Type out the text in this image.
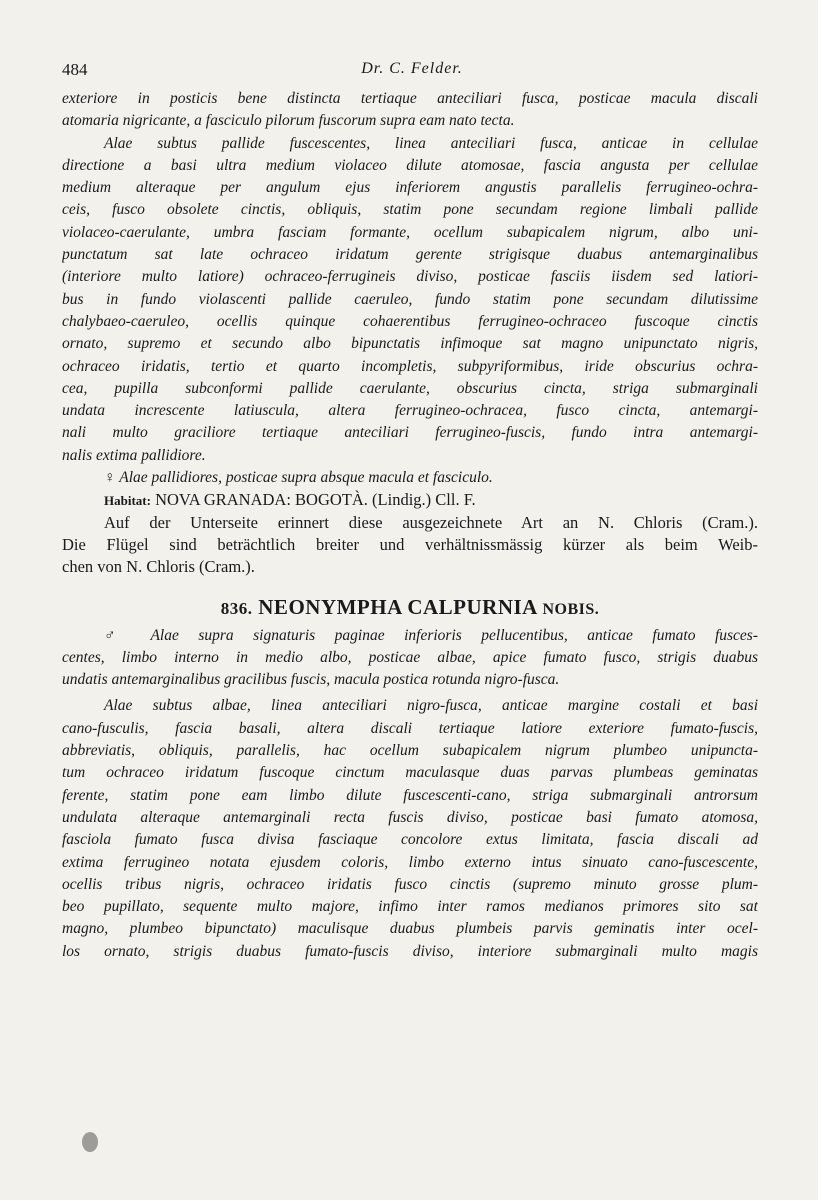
484	Dr. C. Felder.
exteriore in posticis bene distincta tertiaque anteciliari fusca, posticae macula discali
atomaria nigricante, a fasciculo pilorum fuscorum supra eam nato tecta.
Alae subtus pallide fuscescentes, linea anteciliari fusca, anticae in cellulae
directione a basi ultra medium violaceo dilute atomosae, fascia angusta per cellulae
medium alteraque per angulum ejus inferiorem angustis parallelis ferrugineo-ochra-
ceis, fusco obsolete cinctis, obliquis, statim pone secundam regione limbali pallide
violaceo-caerulante, umbra fasciam formante, ocellum subapicalem nigrum, albo uni-
punctatum sat late ochraceo iridatum gerente strigisque duabus antemarginalibus
(interiore multo latiore) ochraceo-ferrugineis diviso, posticae fasciis iisdem sed latiori-
bus in fundo violascenti pallide caeruleo, fundo statim pone secundam dilutissime
chalybaeo-caeruleo, ocellis quinque cohaerentibus ferrugineo-ochraceo fuscoque cinctis
ornato, supremo et secundo albo bipunctatis infimoque sat magno unipunctato nigris,
ochraceo iridatis, tertio et quarto incompletis, subpyriformibus, iride obscurius ochra-
cea, pupilla subconformi pallide caerulante, obscurius cincta, striga submarginali
undata increscente latiuscula, altera ferrugineo-ochracea, fusco cincta, antemargi-
nali multo graciliore tertiaque anteciliari ferrugineo-fuscis, fundo intra antemargi-
nalis extima pallidiore.
♀ Alae pallidiores, posticae supra absque macula et fasciculo.
Habitat: NOVA GRANADA: BOGOTÀ. (Lindig.) Cll. F.
Auf der Unterseite erinnert diese ausgezeichnete Art an N. Chloris (Cram.).
Die Flügel sind beträchtlich breiter und verhältnissmässig kürzer als beim Weib-
chen von N. Chloris (Cram.).
836. NEONYMPHA CALPURNIA NOBIS.
♂ Alae supra signaturis paginae inferioris pellucentibus, anticae fumato fusces-
centes, limbo interno in medio albo, posticae albae, apice fumato fusco, strigis duabus
undatis antemarginalibus gracilibus fuscis, macula postica rotunda nigro-fusca.
Alae subtus albae, linea anteciliari nigro-fusca, anticae margine costali et basi
cano-fusculis, fascia basali, altera discali tertiaque latiore exteriore fumato-fuscis,
abbreviatis, obliquis, parallelis, hac ocellum subapicalem nigrum plumbeo unipuncta-
tum ochraceo iridatum fuscoque cinctum maculasque duas parvas plumbeas geminatas
ferente, statim pone eam limbo dilute fuscescenti-cano, striga submarginali antrorsum
undulata alteraque antemarginali recta fuscis diviso, posticae basi fumato atomosa,
fasciola fumato fusca divisa fasciaque concolore extus limitata, fascia discali ad
extima ferrugineo notata ejusdem coloris, limbo externo intus sinuato cano-fuscescente,
ocellis tribus nigris, ochraceo iridatis fusco cinctis (supremo minuto grosse plum-
beo pupillato, sequente multo majore, infimo inter ramos medianos primores sito sat
magno, plumbeo bipunctato) maculisque duabus plumbeis parvis geminatis inter ocel-
los ornato, strigis duabus fumato-fuscis diviso, interiore submarginali multo magis
